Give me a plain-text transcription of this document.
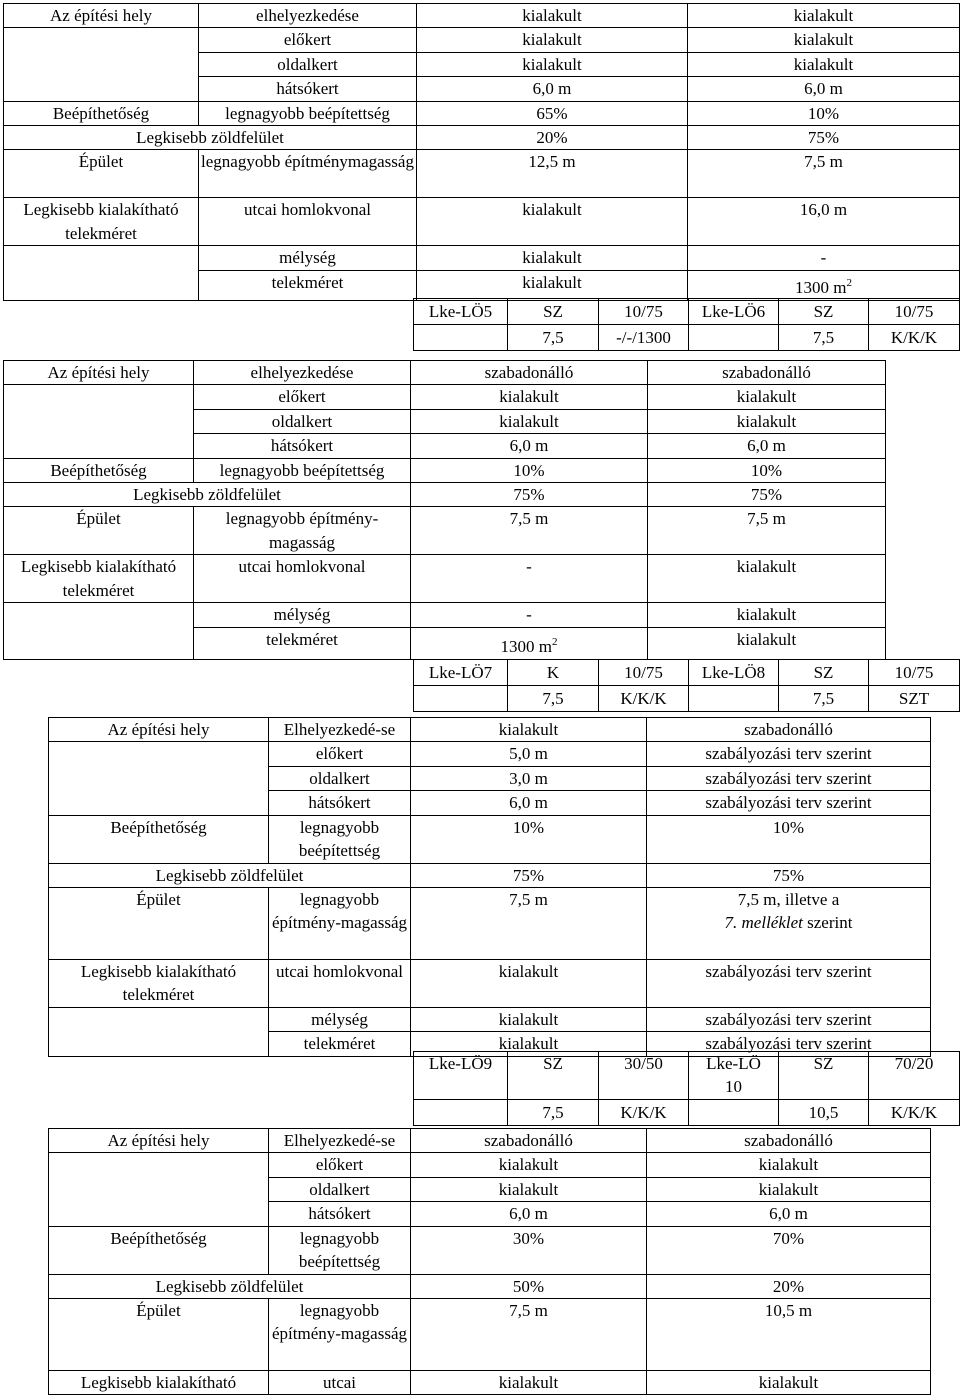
Az építési hely	elhelyezkedése	kialakult	kialakult
	előkert	kialakult	kialakult
	oldalkert	kialakult	kialakult
	hátsókert	6,0 m	6,0 m
Beépíthetőség	legnagyobb beépítettség	65%	10%
Legkisebb zöldfelület		20%	75%
Épület	legnagyobb építménymagasság	12,5 m	7,5 m
Legkisebb kialakítható telekméret	utcai homlokvonal	kialakult	16,0 m
	mélység	kialakult	-
	telekméret	kialakult	1300 $m^2$
Lke-LÖ5	SZ	10/75	Lke-LÖ6	SZ	10/75
	7,5	-/-/1300		7,5	K/K/K
Az építési hely	elhelyezkedése	szabadonálló	szabadonálló
	előkert	kialakult	kialakult
	oldalkert	kialakult	kialakult
	hátsókert	6,0 m	6,0 m
Beépíthetőség	legnagyobb beépítettség	10%	10%
Legkisebb zöldfelület		75%	75%
Épület	legnagyobb építmény-magasság	7,5 m	7,5 m
Legkisebb kialakítható telekméret	utcai homlokvonal	-	kialakult
	mélység	-	kialakult
	telekméret	1300 $m^2$	kialakult
Lke-LÖ7	K	10/75	Lke-LÖ8	SZ	10/75
	7,5	K/K/K		7,5	SZT
Az építési hely	Elhelyezkedé-se	kialakult	szabadonálló
	előkert	5,0 m	szabályozási terv szerint
	oldalkert	3,0 m	szabályozási terv szerint
	hátsókert	6,0 m	szabályozási terv szerint
Beépíthetőség	legnagyobb beépítettség	10%	10%
Legkisebb zöldfelület		75%	75%
Épület	legnagyobb építmény-magasság	7,5 m	7,5 m, illetve a
7. melléklet szerint
Legkisebb kialakítható telekméret	utcai homlokvonal	kialakult	szabályozási terv szerint
	mélység	kialakult	szabályozási terv szerint
	telekméret	kialakult	szabályozási terv szerint
Lke-LÖ9	SZ	30/50	Lke-LÖ10	SZ	70/20
	7,5	K/K/K		10,5	K/K/K
Az építési hely	Elhelyezkedé-se	szabadonálló	szabadonálló
	előkert	kialakult	kialakult
	oldalkert	kialakult	kialakult
	hátsókert	6,0 m	6,0 m
Beépíthetőség	legnagyobb beépítettség	30%	70%
Legkisebb zöldfelület		50%	20%
Épület	legnagyobb építmény-magasság	7,5 m	10,5 m
Legkisebb kialakítható	utcai	kialakult	kialakult
